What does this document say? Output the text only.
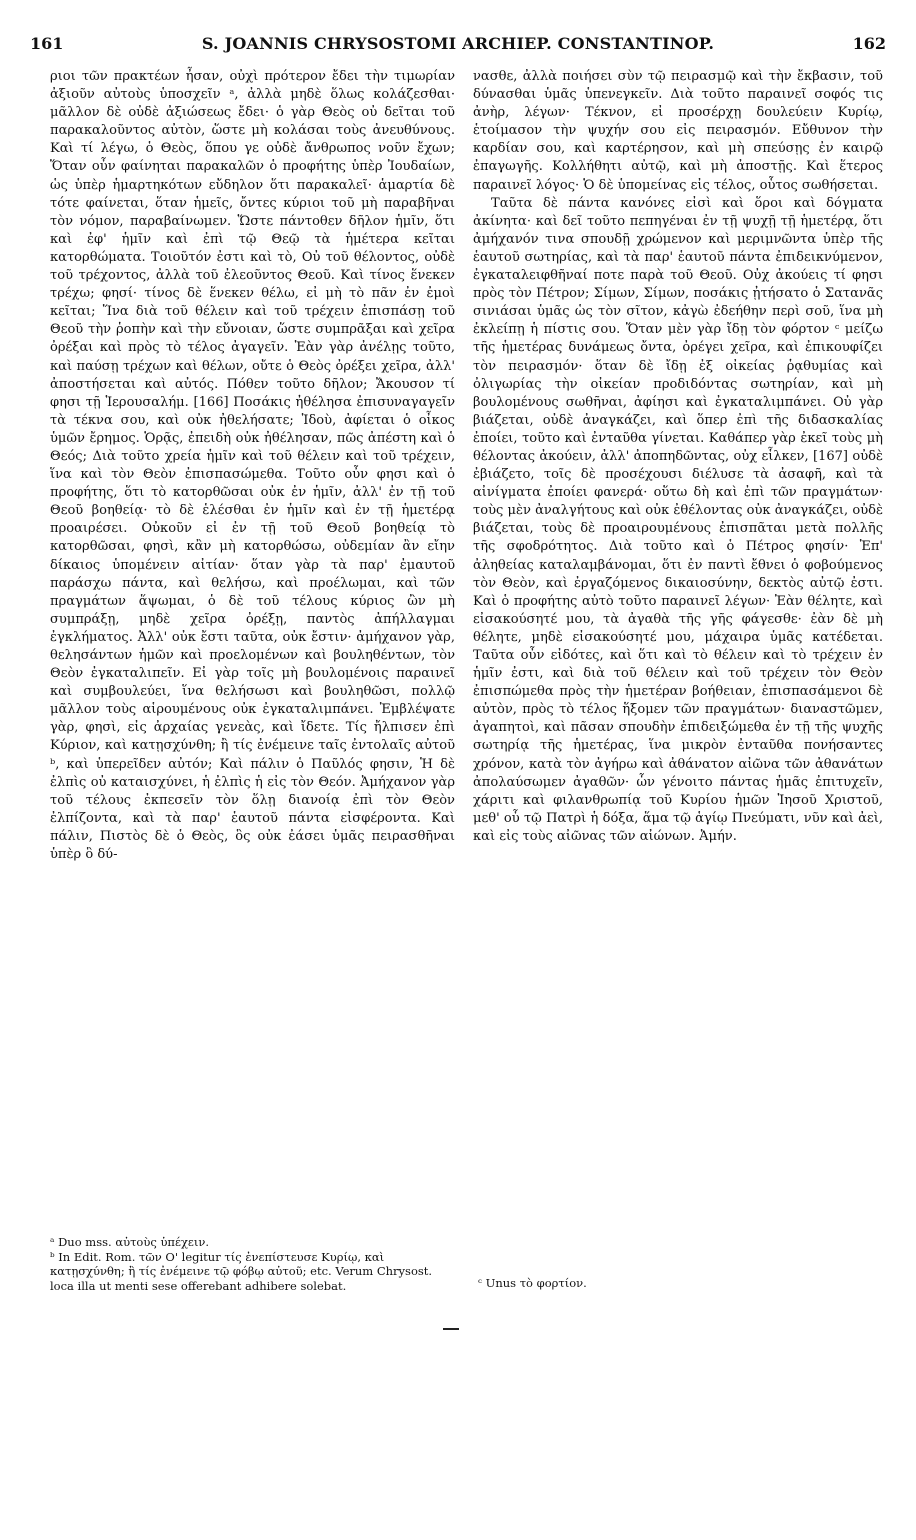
161	S. JOANNIS CHRYSOSTOMI ARCHIEP. CONSTANTINOP.	162

ριοι τῶν πρακτέων ἦσαν, οὐχὶ πρότερον ἔδει τὴν τιμωρίαν ἀξιοῦν αὐτοὺς ὑποσχεῖν ᵃ, ἀλλὰ μηδὲ ὅλως κολάζεσθαι· μᾶλλον δὲ οὐδὲ ἀξιώσεως ἔδει· ὁ γὰρ Θεὸς οὐ δεῖται τοῦ παρακαλοῦντος αὐτὸν, ὥστε μὴ κολάσαι τοὺς ἀνευθύνους. Καὶ τί λέγω, ὁ Θεὸς, ὅπου γε οὐδὲ ἄνθρωπος νοῦν ἔχων; Ὅταν οὖν φαίνηται παρακαλῶν ὁ προφήτης ὑπὲρ Ἰουδαίων, ὡς ὑπὲρ ἡμαρτηκότων εὔδηλον ὅτι παρακαλεῖ· ἁμαρτία δὲ τότε φαίνεται, ὅταν ἡμεῖς, ὄντες κύριοι τοῦ μὴ παραβῆναι τὸν νόμον, παραβαίνωμεν. Ὥστε πάντοθεν δῆλον ἡμῖν, ὅτι καὶ ἐφ' ἡμῖν καὶ ἐπὶ τῷ Θεῷ τὰ ἡμέτερα κεῖται κατορθώματα. Τοιοῦτόν ἐστι καὶ τὸ, Οὐ τοῦ θέλοντος, οὐδὲ τοῦ τρέχοντος, ἀλλὰ τοῦ ἐλεοῦντος Θεοῦ. Καὶ τίνος ἕνεκεν τρέχω; φησί· τίνος δὲ ἕνεκεν θέλω, εἰ μὴ τὸ πᾶν ἐν ἐμοὶ κεῖται; Ἵνα διὰ τοῦ θέλειν καὶ τοῦ τρέχειν ἐπισπάσῃ τοῦ Θεοῦ τὴν ῥοπὴν καὶ τὴν εὔνοιαν, ὥστε συμπρᾶξαι καὶ χεῖρα ὀρέξαι καὶ πρὸς τὸ τέλος ἀγαγεῖν. Ἐὰν γὰρ ἀνέλῃς τοῦτο, καὶ παύσῃ τρέχων καὶ θέλων, οὔτε ὁ Θεὸς ὀρέξει χεῖρα, ἀλλ' ἀποστήσεται καὶ αὐτός. Πόθεν τοῦτο δῆλον; Ἄκουσον τί φησι τῇ Ἱερουσαλήμ. [166] Ποσάκις ἠθέλησα ἐπισυναγαγεῖν τὰ τέκνα σου, καὶ οὐκ ἠθελήσατε; Ἰδοὺ, ἀφίεται ὁ οἶκος ὑμῶν ἔρημος. Ὁρᾷς, ἐπειδὴ οὐκ ἠθέλησαν, πῶς ἀπέστη καὶ ὁ Θεός; Διὰ τοῦτο χρεία ἡμῖν καὶ τοῦ θέλειν καὶ τοῦ τρέχειν, ἵνα καὶ τὸν Θεὸν ἐπισπασώμεθα. Τοῦτο οὖν φησι καὶ ὁ προφήτης, ὅτι τὸ κατορθῶσαι οὐκ ἐν ἡμῖν, ἀλλ' ἐν τῇ τοῦ Θεοῦ βοηθείᾳ· τὸ δὲ ἑλέσθαι ἐν ἡμῖν καὶ ἐν τῇ ἡμετέρᾳ προαιρέσει. Οὐκοῦν εἰ ἐν τῇ τοῦ Θεοῦ βοηθείᾳ τὸ κατορθῶσαι, φησὶ, κἂν μὴ κατορθώσω, οὐδεμίαν ἂν εἴην δίκαιος ὑπομένειν αἰτίαν· ὅταν γὰρ τὰ παρ' ἐμαυτοῦ παράσχω πάντα, καὶ θελήσω, καὶ προέλωμαι, καὶ τῶν πραγμάτων ἅψωμαι, ὁ δὲ τοῦ τέλους κύριος ὢν μὴ συμπράξῃ, μηδὲ χεῖρα ὀρέξῃ, παντὸς ἀπήλλαγμαι ἐγκλήματος. Ἀλλ' οὐκ ἔστι ταῦτα, οὐκ ἔστιν· ἀμήχανον γὰρ, θελησάντων ἡμῶν καὶ προελομένων καὶ βουληθέντων, τὸν Θεὸν ἐγκαταλιπεῖν. Εἰ γὰρ τοῖς μὴ βουλομένοις παραινεῖ καὶ συμβουλεύει, ἵνα θελήσωσι καὶ βουληθῶσι, πολλῷ μᾶλλον τοὺς αἱρουμένους οὐκ ἐγκαταλιμπάνει. Ἐμβλέψατε γὰρ, φησὶ, εἰς ἀρχαίας γενεὰς, καὶ ἴδετε. Τίς ἤλπισεν ἐπὶ Κύριον, καὶ κατῃσχύνθη; ἢ τίς ἐνέμεινε ταῖς ἐντολαῖς αὐτοῦ ᵇ, καὶ ὑπερεῖδεν αὐτόν; Καὶ πάλιν ὁ Παῦλός φησιν, Ἡ δὲ ἐλπὶς οὐ καταισχύνει, ἡ ἐλπὶς ἡ εἰς τὸν Θεόν. Ἀμήχανον γὰρ τοῦ τέλους ἐκπεσεῖν τὸν ὅλῃ διανοίᾳ ἐπὶ τὸν Θεὸν ἐλπίζοντα, καὶ τὰ παρ' ἑαυτοῦ πάντα εἰσφέροντα. Καὶ πάλιν, Πιστὸς δὲ ὁ Θεὸς, ὃς οὐκ ἐάσει ὑμᾶς πειρασθῆναι ὑπὲρ ὃ δύ-

νασθε, ἀλλὰ ποιήσει σὺν τῷ πειρασμῷ καὶ τὴν ἔκβασιν, τοῦ δύνασθαι ὑμᾶς ὑπενεγκεῖν. Διὰ τοῦτο παραινεῖ σοφός τις ἀνὴρ, λέγων· Τέκνον, εἰ προσέρχῃ δουλεύειν Κυρίῳ, ἑτοίμασον τὴν ψυχήν σου εἰς πειρασμόν. Εὔθυνον τὴν καρδίαν σου, καὶ καρτέρησον, καὶ μὴ σπεύσῃς ἐν καιρῷ ἐπαγωγῆς. Κολλήθητι αὐτῷ, καὶ μὴ ἀποστῇς. Καὶ ἕτερος παραινεῖ λόγος· Ὁ δὲ ὑπομείνας εἰς τέλος, οὗτος σωθήσεται.

Ταῦτα δὲ πάντα κανόνες εἰσὶ καὶ ὅροι καὶ δόγματα ἀκίνητα· καὶ δεῖ τοῦτο πεπηγέναι ἐν τῇ ψυχῇ τῇ ἡμετέρᾳ, ὅτι ἀμήχανόν τινα σπουδῇ χρώμενον καὶ μεριμνῶντα ὑπὲρ τῆς ἑαυτοῦ σωτηρίας, καὶ τὰ παρ' ἑαυτοῦ πάντα ἐπιδεικνύμενον, ἐγκαταλειφθῆναί ποτε παρὰ τοῦ Θεοῦ. Οὐχ ἀκούεις τί φησι πρὸς τὸν Πέτρον; Σίμων, Σίμων, ποσάκις ᾐτήσατο ὁ Σατανᾶς σινιάσαι ὑμᾶς ὡς τὸν σῖτον, κἀγὼ ἐδεήθην περὶ σοῦ, ἵνα μὴ ἐκλείπῃ ἡ πίστις σου. Ὅταν μὲν γὰρ ἴδῃ τὸν φόρτον ᶜ μείζω τῆς ἡμετέρας δυνάμεως ὄντα, ὀρέγει χεῖρα, καὶ ἐπικουφίζει τὸν πειρασμόν· ὅταν δὲ ἴδῃ ἐξ οἰκείας ῥᾳθυμίας καὶ ὀλιγωρίας τὴν οἰκείαν προδιδόντας σωτηρίαν, καὶ μὴ βουλομένους σωθῆναι, ἀφίησι καὶ ἐγκαταλιμπάνει. Οὐ γὰρ βιάζεται, οὐδὲ ἀναγκάζει, καὶ ὅπερ ἐπὶ τῆς διδασκαλίας ἐποίει, τοῦτο καὶ ἐνταῦθα γίνεται. Καθάπερ γὰρ ἐκεῖ τοὺς μὴ θέλοντας ἀκούειν, ἀλλ' ἀποπηδῶντας, οὐχ εἷλκεν, [167] οὐδὲ ἐβιάζετο, τοῖς δὲ προσέχουσι διέλυσε τὰ ἀσαφῆ, καὶ τὰ αἰνίγματα ἐποίει φανερά· οὕτω δὴ καὶ ἐπὶ τῶν πραγμάτων· τοὺς μὲν ἀναλγήτους καὶ οὐκ ἐθέλοντας οὐκ ἀναγκάζει, οὐδὲ βιάζεται, τοὺς δὲ προαιρουμένους ἐπισπᾶται μετὰ πολλῆς τῆς σφοδρότητος. Διὰ τοῦτο καὶ ὁ Πέτρος φησίν· Ἐπ' ἀληθείας καταλαμβάνομαι, ὅτι ἐν παντὶ ἔθνει ὁ φοβούμενος τὸν Θεὸν, καὶ ἐργαζόμενος δικαιοσύνην, δεκτὸς αὐτῷ ἐστι. Καὶ ὁ προφήτης αὐτὸ τοῦτο παραινεῖ λέγων· Ἐὰν θέλητε, καὶ εἰσακούσητέ μου, τὰ ἀγαθὰ τῆς γῆς φάγεσθε· ἐὰν δὲ μὴ θέλητε, μηδὲ εἰσακούσητέ μου, μάχαιρα ὑμᾶς κατέδεται. Ταῦτα οὖν εἰδότες, καὶ ὅτι καὶ τὸ θέλειν καὶ τὸ τρέχειν ἐν ἡμῖν ἐστι, καὶ διὰ τοῦ θέλειν καὶ τοῦ τρέχειν τὸν Θεὸν ἐπισπώμεθα πρὸς τὴν ἡμετέραν βοήθειαν, ἐπισπασάμενοι δὲ αὐτὸν, πρὸς τὸ τέλος ἥξομεν τῶν πραγμάτων· διαναστῶμεν, ἀγαπητοὶ, καὶ πᾶσαν σπουδὴν ἐπιδειξώμεθα ἐν τῇ τῆς ψυχῆς σωτηρίᾳ τῆς ἡμετέρας, ἵνα μικρὸν ἐνταῦθα πονήσαντες χρόνον, κατὰ τὸν ἀγήρω καὶ ἀθάνατον αἰῶνα τῶν ἀθανάτων ἀπολαύσωμεν ἀγαθῶν· ὧν γένοιτο πάντας ἡμᾶς ἐπιτυχεῖν, χάριτι καὶ φιλανθρωπίᾳ τοῦ Κυρίου ἡμῶν Ἰησοῦ Χριστοῦ, μεθ' οὗ τῷ Πατρὶ ἡ δόξα, ἅμα τῷ ἁγίῳ Πνεύματι, νῦν καὶ ἀεὶ, καὶ εἰς τοὺς αἰῶνας τῶν αἰώνων. Ἀμήν.

ᵃ Duo mss. αὐτοὺς ὑπέχειν.

ᵇ In Edit. Rom. τῶν Ο' legitur τίς ἐνεπίστευσε Κυρίῳ, καὶ κατῃσχύνθη; ἢ τίς ἐνέμεινε τῷ φόβῳ αὐτοῦ; etc. Verum Chrysost. loca illa ut menti sese offerebant adhibere solebat.	ᶜ Unus τὸ φορτίον.
